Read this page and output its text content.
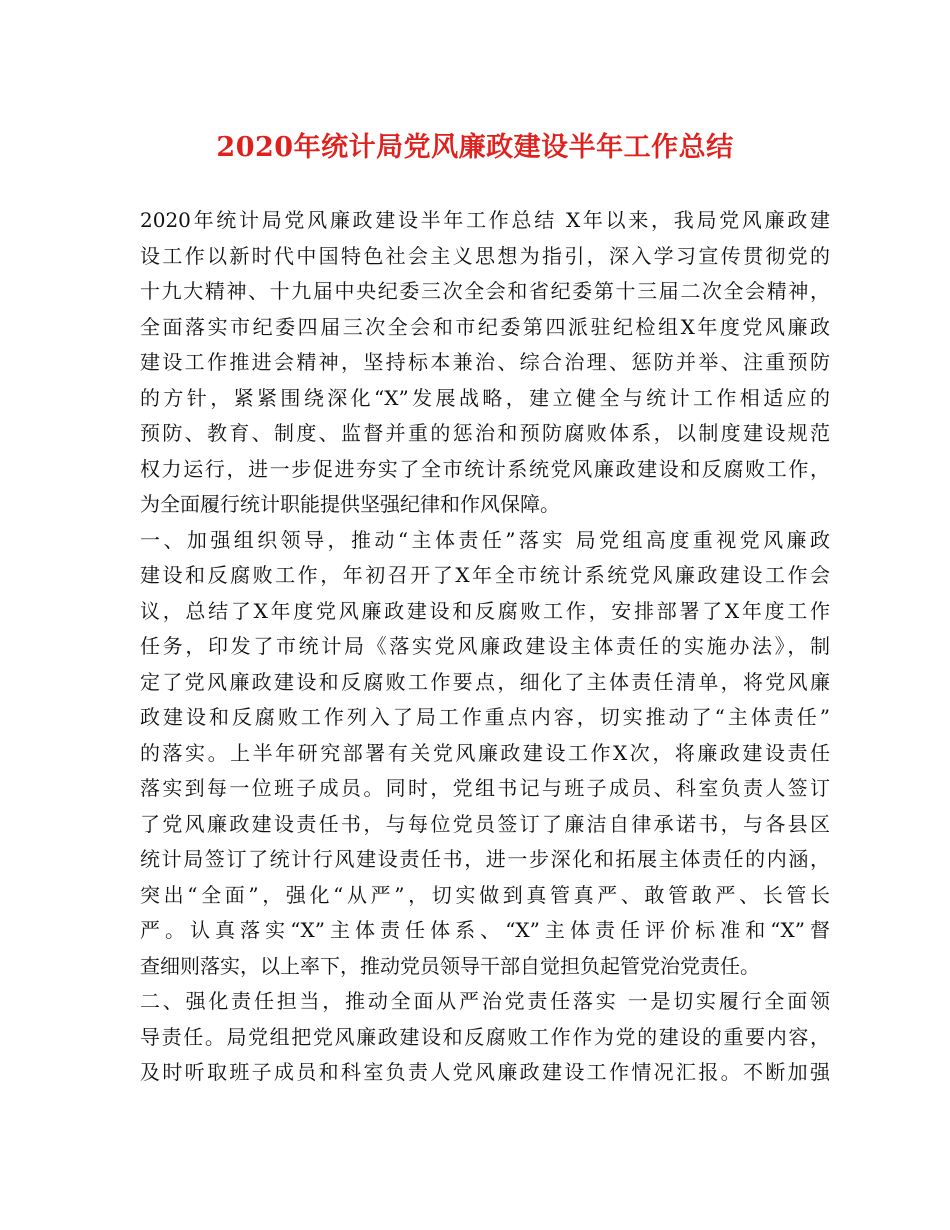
2020年统计局党风廉政建设半年工作总结
2020年统计局党风廉政建设半年工作总结 X年以来，我局党风廉政建
设工作以新时代中国特色社会主义思想为指引，深入学习宣传贯彻党的
十九大精神、十九届中央纪委三次全会和省纪委第十三届二次全会精神，
全面落实市纪委四届三次全会和市纪委第四派驻纪检组X年度党风廉政
建设工作推进会精神，坚持标本兼治、综合治理、惩防并举、注重预防
的方针，紧紧围绕深化“X”发展战略，建立健全与统计工作相适应的
预防、教育、制度、监督并重的惩治和预防腐败体系，以制度建设规范
权力运行，进一步促进夯实了全市统计系统党风廉政建设和反腐败工作，
为全面履行统计职能提供坚强纪律和作风保障。
一、加强组织领导，推动“主体责任”落实 局党组高度重视党风廉政
建设和反腐败工作，年初召开了X年全市统计系统党风廉政建设工作会
议，总结了X年度党风廉政建设和反腐败工作，安排部署了X年度工作
任务，印发了市统计局《落实党风廉政建设主体责任的实施办法》，制
定了党风廉政建设和反腐败工作要点，细化了主体责任清单，将党风廉
政建设和反腐败工作列入了局工作重点内容，切实推动了“主体责任”
的落实。上半年研究部署有关党风廉政建设工作X次，将廉政建设责任
落实到每一位班子成员。同时，党组书记与班子成员、科室负责人签订
了党风廉政建设责任书，与每位党员签订了廉洁自律承诺书，与各县区
统计局签订了统计行风建设责任书，进一步深化和拓展主体责任的内涵，
突出“全面”，强化“从严”，切实做到真管真严、敢管敢严、长管长
严。认真落实“X”主体责任体系、“X”主体责任评价标准和“X”督
查细则落实，以上率下，推动党员领导干部自觉担负起管党治党责任。
二、强化责任担当，推动全面从严治党责任落实 一是切实履行全面领
导责任。局党组把党风廉政建设和反腐败工作作为党的建设的重要内容，
及时听取班子成员和科室负责人党风廉政建设工作情况汇报。不断加强
